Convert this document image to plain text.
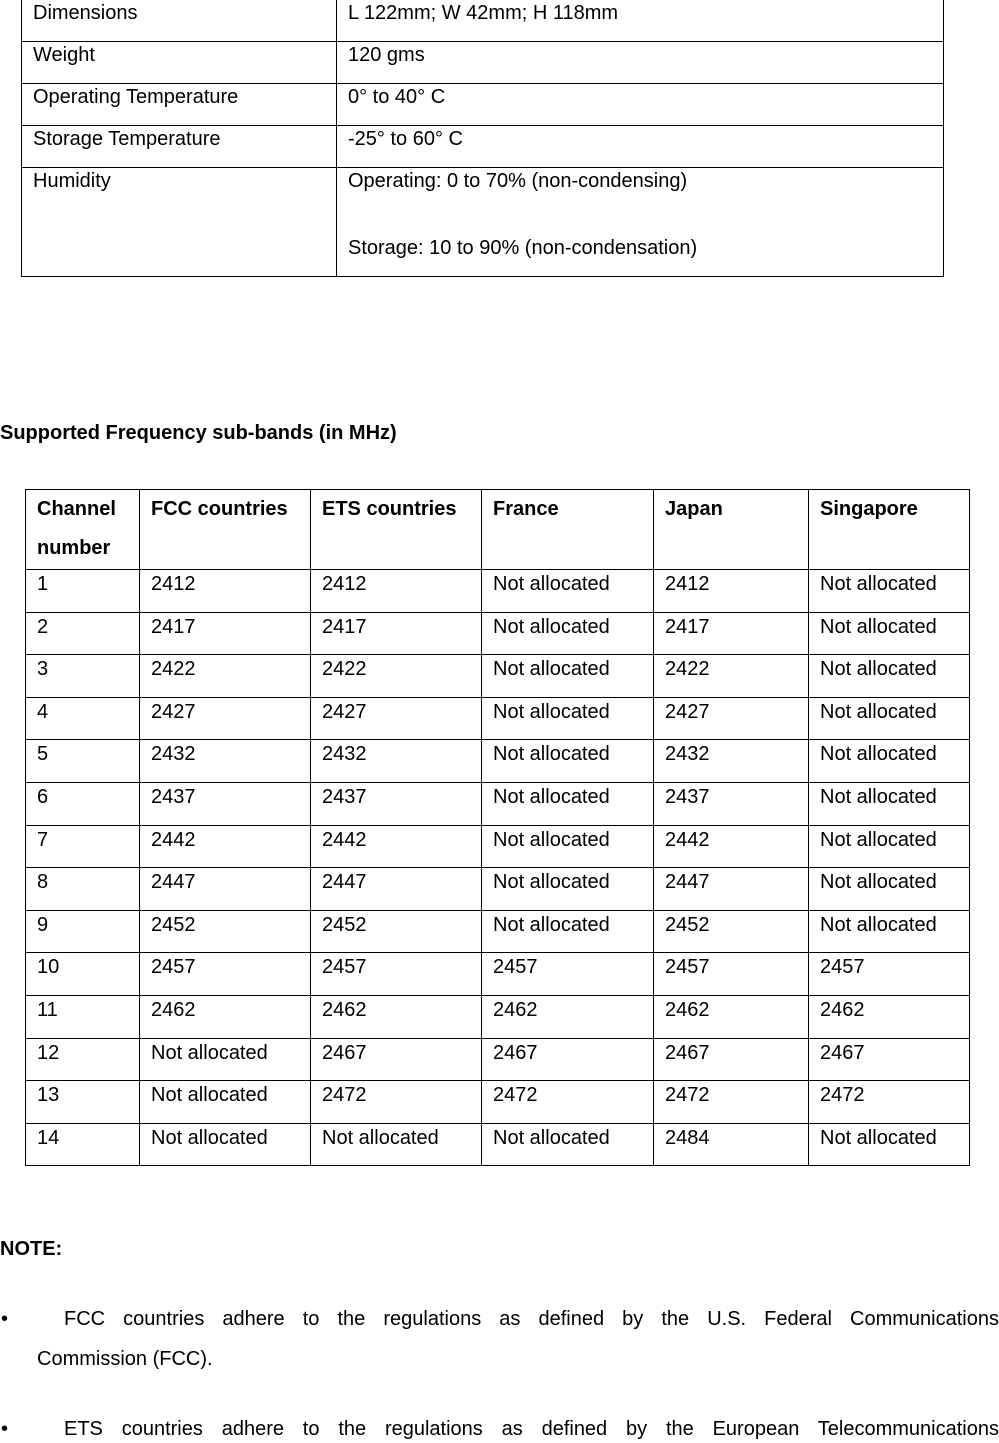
Dimensions	L 122mm; W 42mm; H 118mm
Weight	120 gms
Operating Temperature	0° to 40° C
Storage Temperature	-25° to 60° C
Humidity	Operating: 0 to 70% (non-condensing)
Storage: 10 to 90% (non-condensation)
Supported Frequency sub-bands (in MHz)
Channel number	FCC countries	ETS countries	France	Japan	Singapore
1	2412	2412	Not allocated	2412	Not allocated
2	2417	2417	Not allocated	2417	Not allocated
3	2422	2422	Not allocated	2422	Not allocated
4	2427	2427	Not allocated	2427	Not allocated
5	2432	2432	Not allocated	2432	Not allocated
6	2437	2437	Not allocated	2437	Not allocated
7	2442	2442	Not allocated	2442	Not allocated
8	2447	2447	Not allocated	2447	Not allocated
9	2452	2452	Not allocated	2452	Not allocated
10	2457	2457	2457	2457	2457
11	2462	2462	2462	2462	2462
12	Not allocated	2467	2467	2467	2467
13	Not allocated	2472	2472	2472	2472
14	Not allocated	Not allocated	Not allocated	2484	Not allocated
NOTE:
•	FCC countries adhere to the regulations as defined by the U.S. Federal Communications
Commission (FCC).
•	ETS countries adhere to the regulations as defined by the European Telecommunications
